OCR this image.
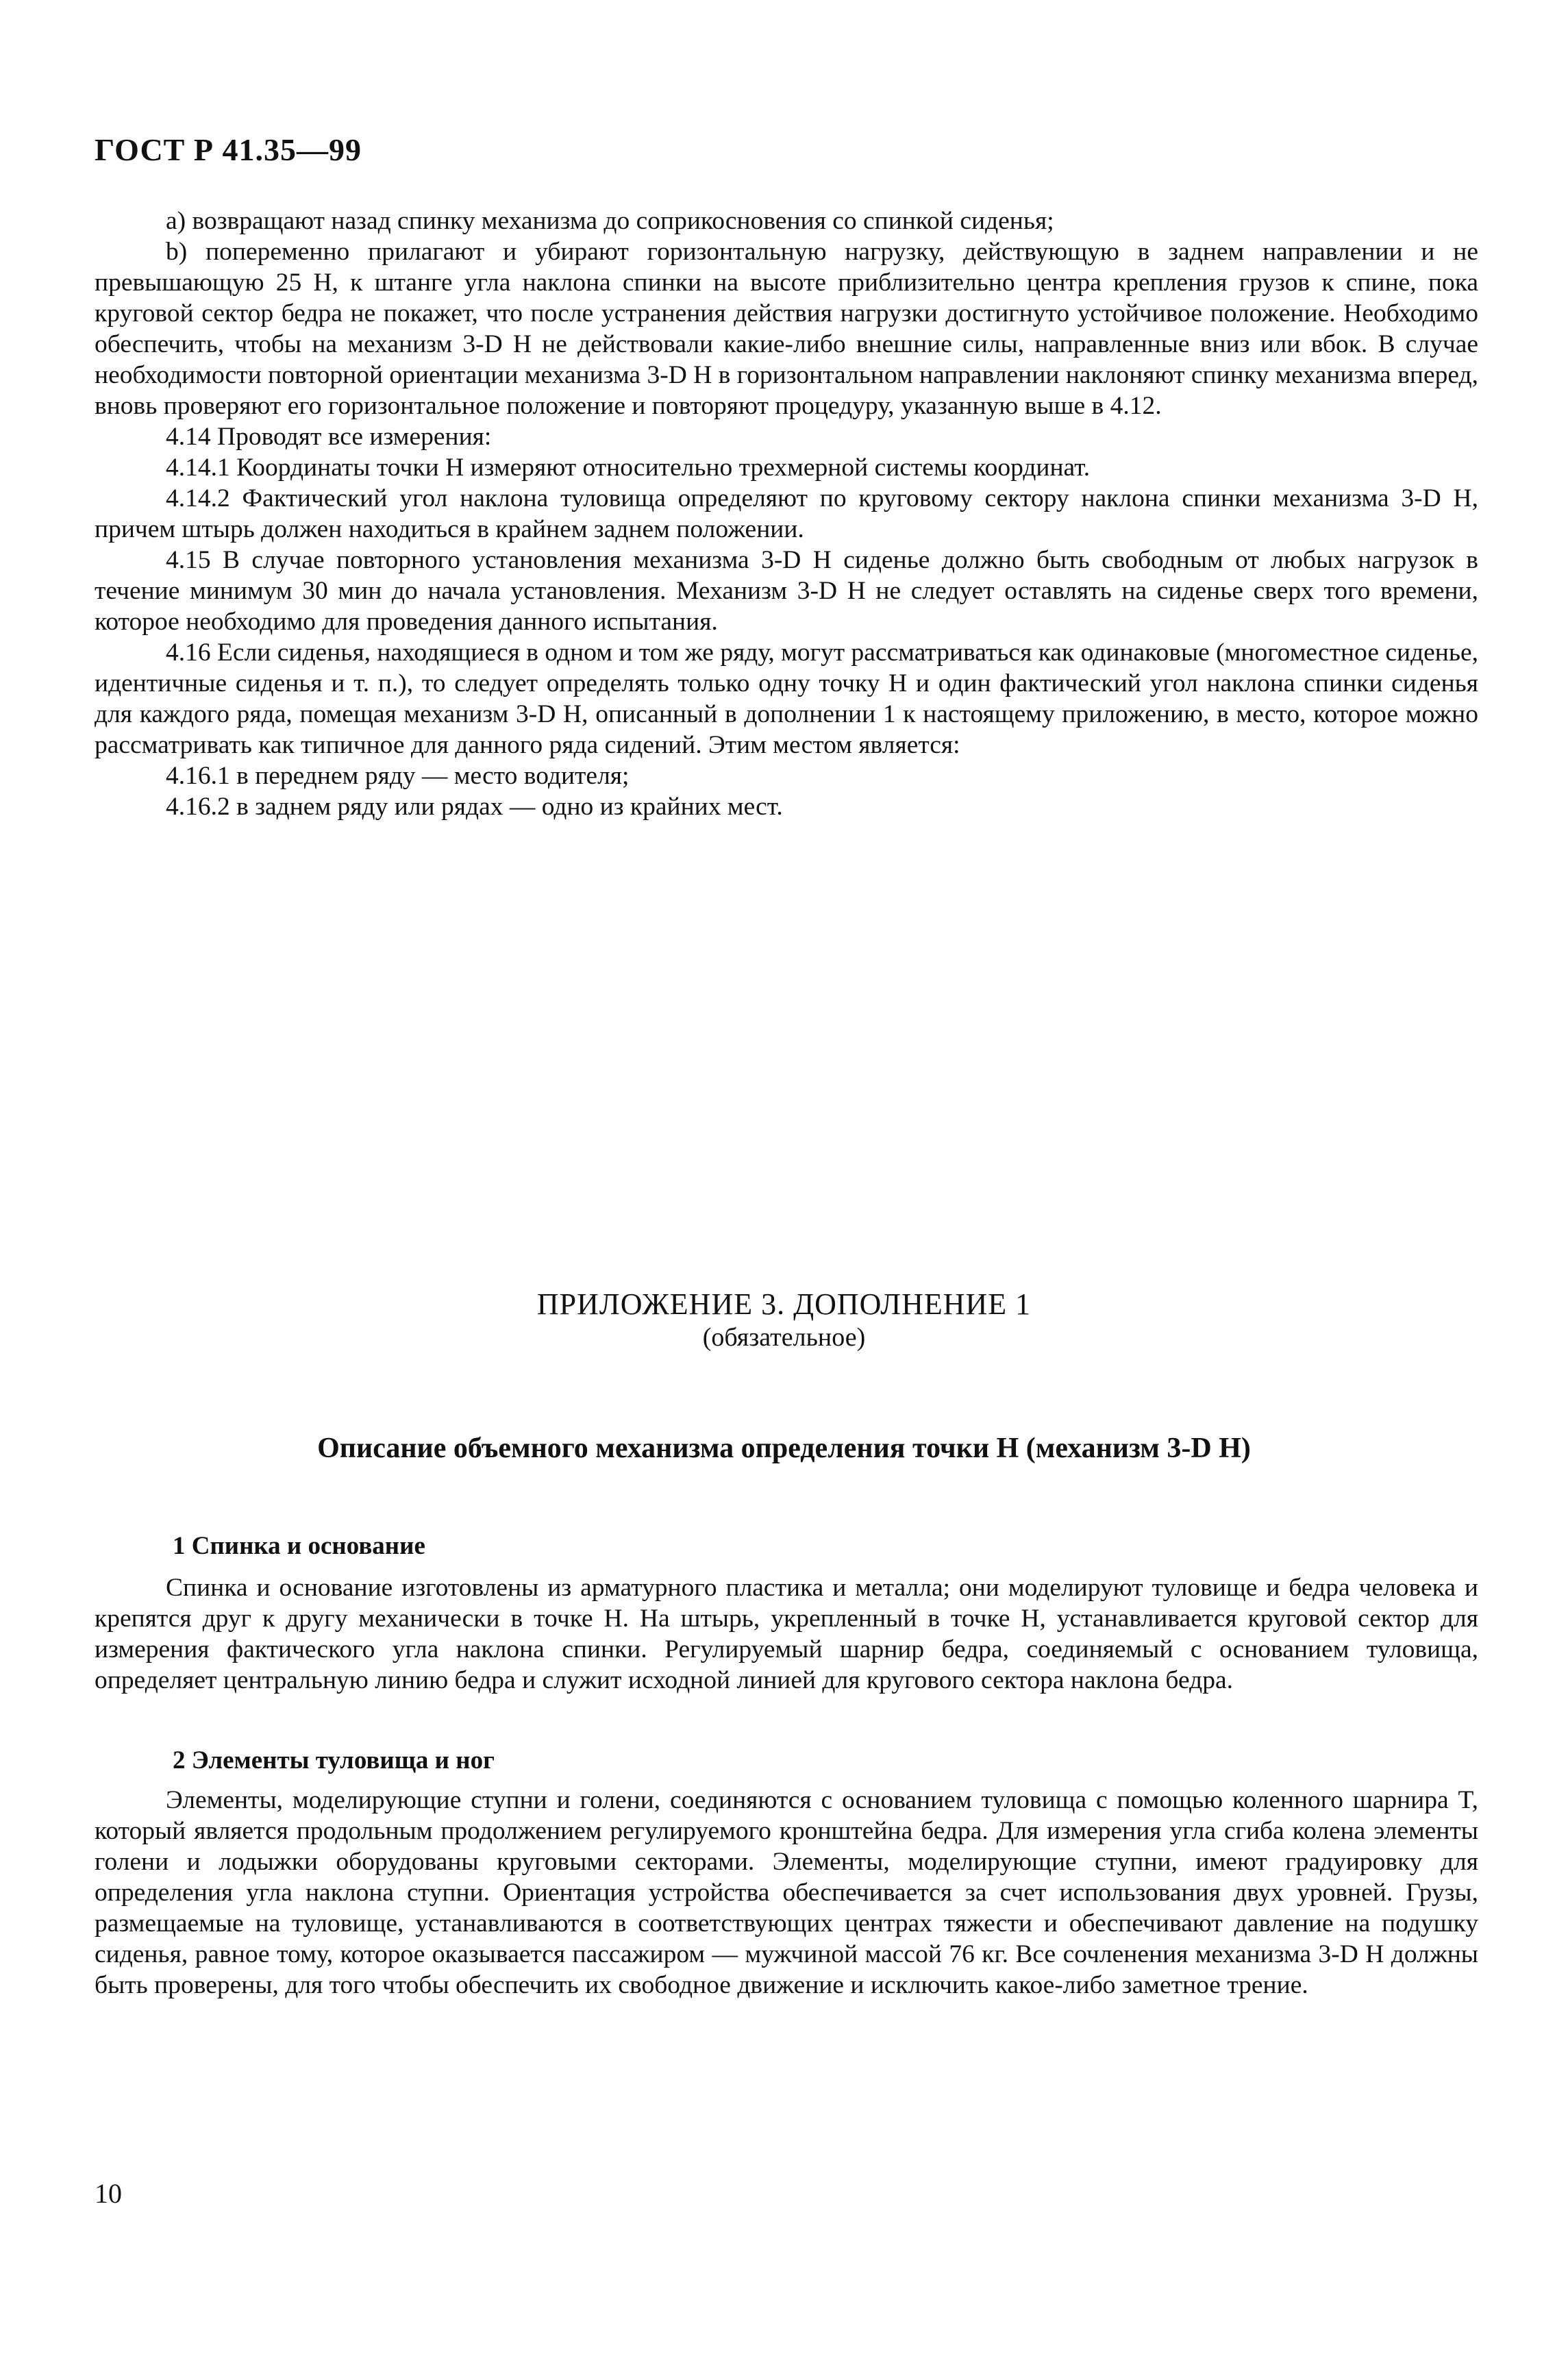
ГОСТ Р 41.35—99

а) возвращают назад спинку механизма до соприкосновения со спинкой сиденья;

b) попеременно прилагают и убирают горизонтальную нагрузку, действующую в заднем направлении и не превышающую 25 Н, к штанге угла наклона спинки на высоте приблизительно центра крепления грузов к спине, пока круговой сектор бедра не покажет, что после устранения действия нагрузки достигнуто устойчивое положение. Необходимо обеспечить, чтобы на механизм 3-D H не действовали какие-либо внешние силы, направленные вниз или вбок. В случае необходимости повторной ориентации механизма 3-D H в горизонтальном направлении наклоняют спинку механизма вперед, вновь проверяют его горизонтальное положение и повторяют процедуру, указанную выше в 4.12.

4.14 Проводят все измерения:

4.14.1 Координаты точки H измеряют относительно трехмерной системы координат.

4.14.2 Фактический угол наклона туловища определяют по круговому сектору наклона спинки механизма 3-D H, причем штырь должен находиться в крайнем заднем положении.

4.15 В случае повторного установления механизма 3-D H сиденье должно быть свободным от любых нагрузок в течение минимум 30 мин до начала установления. Механизм 3-D H не следует оставлять на сиденье сверх того времени, которое необходимо для проведения данного испытания.

4.16 Если сиденья, находящиеся в одном и том же ряду, могут рассматриваться как одинаковые (многоместное сиденье, идентичные сиденья и т. п.), то следует определять только одну точку H и один фактический угол наклона спинки сиденья для каждого ряда, помещая механизм 3-D H, описанный в дополнении 1 к настоящему приложению, в место, которое можно рассматривать как типичное для данного ряда сидений. Этим местом является:

4.16.1 в переднем ряду — место водителя;

4.16.2 в заднем ряду или рядах — одно из крайних мест.

ПРИЛОЖЕНИЕ 3. ДОПОЛНЕНИЕ 1
(обязательное)
Описание объемного механизма определения точки H (механизм 3-D H)
1 Спинка и основание

Спинка и основание изготовлены из арматурного пластика и металла; они моделируют туловище и бедра человека и крепятся друг к другу механически в точке H. На штырь, укрепленный в точке H, устанавливается круговой сектор для измерения фактического угла наклона спинки. Регулируемый шарнир бедра, соединяемый с основанием туловища, определяет центральную линию бедра и служит исходной линией для кругового сектора наклона бедра.

2 Элементы туловища и ног

Элементы, моделирующие ступни и голени, соединяются с основанием туловища с помощью коленного шарнира T, который является продольным продолжением регулируемого кронштейна бедра. Для измерения угла сгиба колена элементы голени и лодыжки оборудованы круговыми секторами. Элементы, моделирующие ступни, имеют градуировку для определения угла наклона ступни. Ориентация устройства обеспечивается за счет использования двух уровней. Грузы, размещаемые на туловище, устанавливаются в соответствующих центрах тяжести и обеспечивают давление на подушку сиденья, равное тому, которое оказывается пассажиром — мужчиной массой 76 кг. Все сочленения механизма 3-D H должны быть проверены, для того чтобы обеспечить их свободное движение и исключить какое-либо заметное трение.

10
